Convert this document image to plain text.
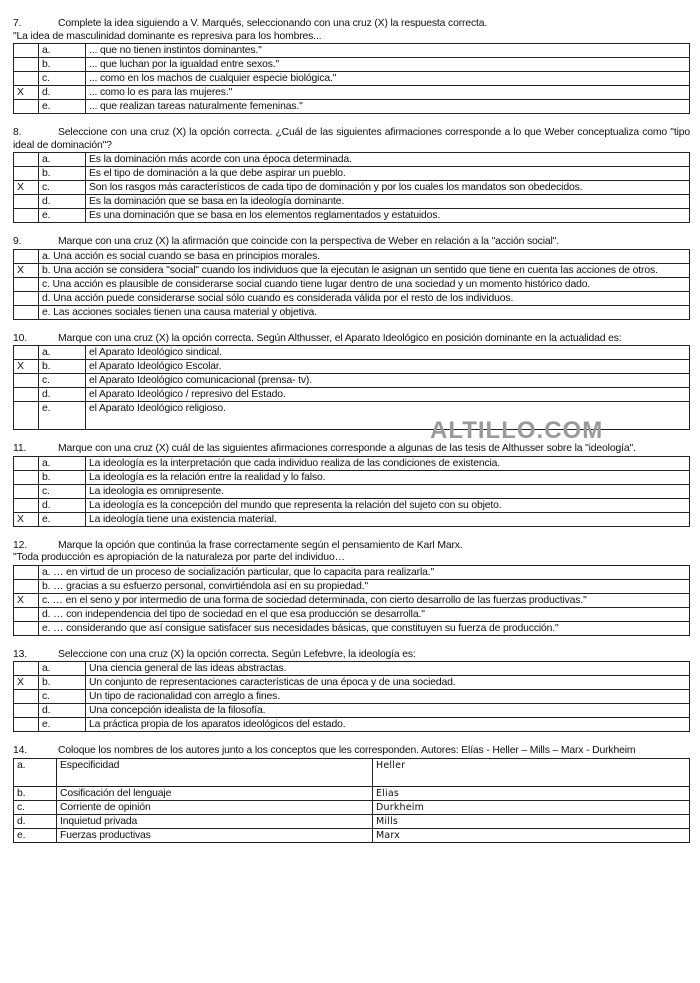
7.	Complete la idea siguiendo a V. Marqués, seleccionando con una cruz (X) la respuesta correcta.
"La idea de masculinidad dominante es represiva para los hombres...
	a.	... que no tienen instintos dominantes."
	b.	... que luchan por la igualdad entre sexos."
	c.	... como en los machos de cualquier especie biológica."
X	d.	... como lo es para las mujeres."
	e.	... que realizan tareas naturalmente femeninas."
8.	Seleccione con una cruz (X) la opción correcta. ¿Cuál de las siguientes afirmaciones corresponde a lo que Weber conceptualiza como "tipo ideal de dominación"?
	a.	Es la dominación más acorde con una época determinada.
	b.	Es el tipo de dominación a la que debe aspirar un pueblo.
X	c.	Son los rasgos más característicos de cada tipo de dominación y por los cuales los mandatos son obedecidos.
	d.	Es la dominación que se basa en la ideología dominante.
	e.	Es una dominación que se basa en los elementos reglamentados y estatuidos.
9.	Marque con una cruz (X) la afirmación que coincide con la perspectiva de Weber en relación a la "acción social".
	a. Una acción es social cuando se basa en principios morales.
X	b. Una acción se considera "social" cuando los individuos que la ejecutan le asignan un sentido que tiene en cuenta las acciones de otros.
	c. Una acción es plausible de considerarse social cuando tiene lugar dentro de una sociedad y un momento histórico dado.
	d. Una acción puede considerarse social sólo cuando es considerada válida por el resto de los individuos.
	e. Las acciones sociales tienen una causa material y objetiva.
10.	Marque con una cruz (X) la opción correcta. Según Althusser, el Aparato Ideológico en posición dominante en la actualidad es:
	a.	el Aparato Ideológico sindical.
X	b.	el Aparato Ideológico Escolar.
	c.	el Aparato Ideológico comunicacional (prensa- tv).
	d.	el Aparato Ideológico / represivo del Estado.
	e.	el Aparato Ideológico religioso.
11.	Marque con una cruz (X) cuál de las siguientes afirmaciones corresponde a algunas de las tesis de Althusser sobre la "ideología".
	a.	La ideología es la interpretación que cada individuo realiza de las condiciones de existencia.
	b.	La ideología es la relación entre la realidad y lo falso.
	c.	La ideología es omnipresente.
	d.	La ideología es la concepción del mundo que representa la relación del sujeto con su objeto.
X	e.	La ideología tiene una existencia material.
12.	Marque la opción que continúa la frase correctamente según el pensamiento de Karl Marx.
"Toda producción es apropiación de la naturaleza por parte del individuo…
	a. … en virtud de un proceso de socialización particular, que lo capacita para realizarla."
	b. … gracias a su esfuerzo personal, convirtiéndola así en su propiedad."
X	c. … en el seno y por intermedio de una forma de sociedad determinada, con cierto desarrollo de las fuerzas productivas."
	d. … con independencia del tipo de sociedad en el que esa producción se desarrolla."
	e. … considerando que así consigue satisfacer sus necesidades básicas, que constituyen su fuerza de producción."
13.	Seleccione con una cruz (X) la opción correcta. Según Lefebvre, la ideología es:
	a.	Una ciencia general de las ideas abstractas.
X	b.	Un conjunto de representaciones características de una época y de una sociedad.
	c.	Un tipo de racionalidad con arreglo a fines.
	d.	Una concepción idealista de la filosofía.
	e.	La práctica propia de los aparatos ideológicos del estado.
14.	Coloque los nombres de los autores junto a los conceptos que les corresponden. Autores: Elías - Heller – Mills – Marx - Durkheim
a.	Especificidad	Heller
b.	Cosificación del lenguaje	Elias
c.	Corriente de opinión	Durkheim
d.	Inquietud privada	Mills
e.	Fuerzas productivas	Marx
ALTILLO.COM
